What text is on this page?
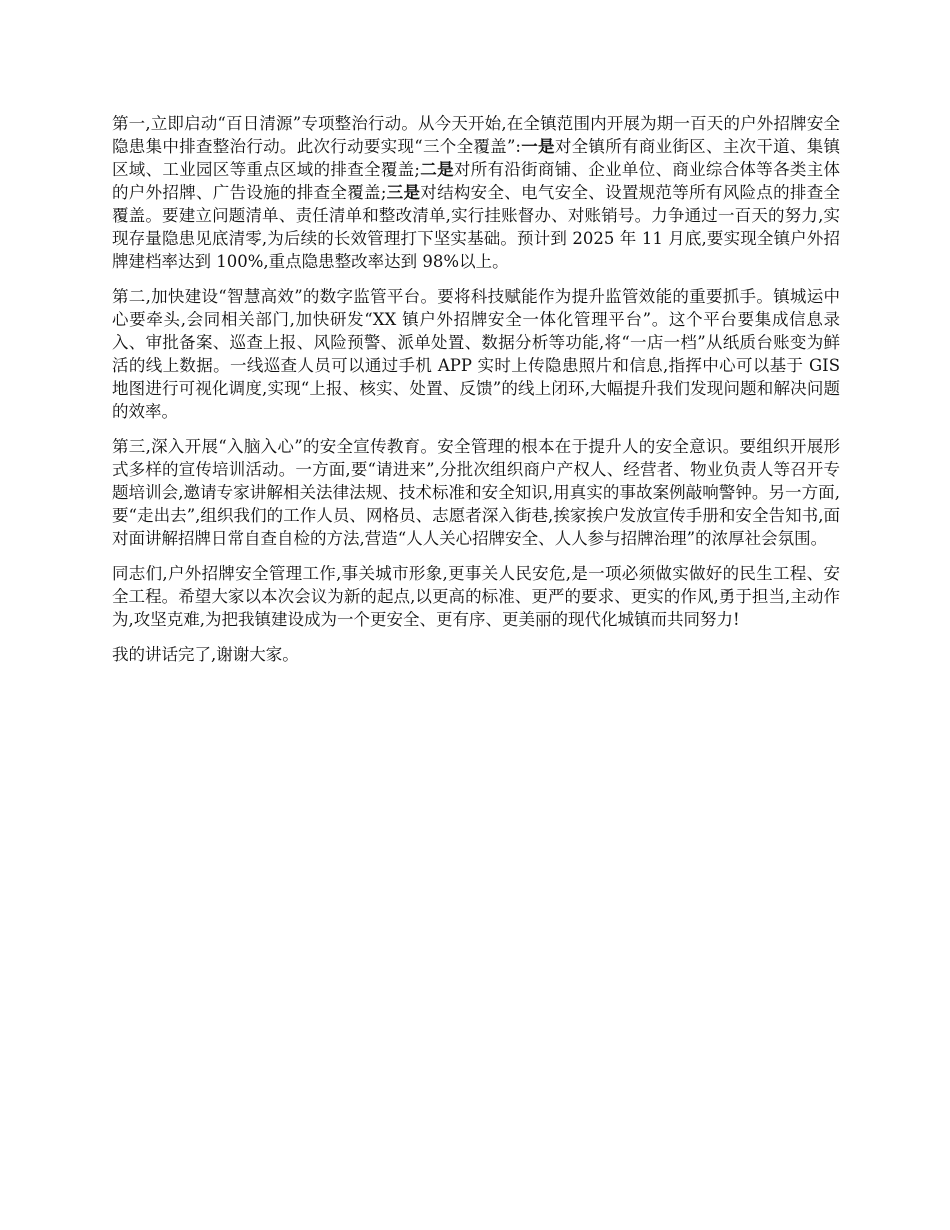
第一,立即启动“百日清源”专项整治行动。从今天开始,在全镇范围内开展为期一百天的户外招牌安全隐患集中排查整治行动。此次行动要实现“三个全覆盖”:一是对全镇所有商业街区、主次干道、集镇区域、工业园区等重点区域的排查全覆盖;二是对所有沿街商铺、企业单位、商业综合体等各类主体的户外招牌、广告设施的排查全覆盖;三是对结构安全、电气安全、设置规范等所有风险点的排查全覆盖。要建立问题清单、责任清单和整改清单,实行挂账督办、对账销号。力争通过一百天的努力,实现存量隐患见底清零,为后续的长效管理打下坚实基础。预计到 2025 年 11 月底,要实现全镇户外招牌建档率达到 100%,重点隐患整改率达到 98%以上。

第二,加快建设“智慧高效”的数字监管平台。要将科技赋能作为提升监管效能的重要抓手。镇城运中心要牵头,会同相关部门,加快研发“XX 镇户外招牌安全一体化管理平台”。这个平台要集成信息录入、审批备案、巡查上报、风险预警、派单处置、数据分析等功能,将“一店一档”从纸质台账变为鲜活的线上数据。一线巡查人员可以通过手机 APP 实时上传隐患照片和信息,指挥中心可以基于 GIS 地图进行可视化调度,实现“上报、核实、处置、反馈”的线上闭环,大幅提升我们发现问题和解决问题的效率。

第三,深入开展“入脑入心”的安全宣传教育。安全管理的根本在于提升人的安全意识。要组织开展形式多样的宣传培训活动。一方面,要“请进来”,分批次组织商户产权人、经营者、物业负责人等召开专题培训会,邀请专家讲解相关法律法规、技术标准和安全知识,用真实的事故案例敲响警钟。另一方面,要“走出去”,组织我们的工作人员、网格员、志愿者深入街巷,挨家挨户发放宣传手册和安全告知书,面对面讲解招牌日常自查自检的方法,营造“人人关心招牌安全、人人参与招牌治理”的浓厚社会氛围。

同志们,户外招牌安全管理工作,事关城市形象,更事关人民安危,是一项必须做实做好的民生工程、安全工程。希望大家以本次会议为新的起点,以更高的标准、更严的要求、更实的作风,勇于担当,主动作为,攻坚克难,为把我镇建设成为一个更安全、更有序、更美丽的现代化城镇而共同努力!

我的讲话完了,谢谢大家。
